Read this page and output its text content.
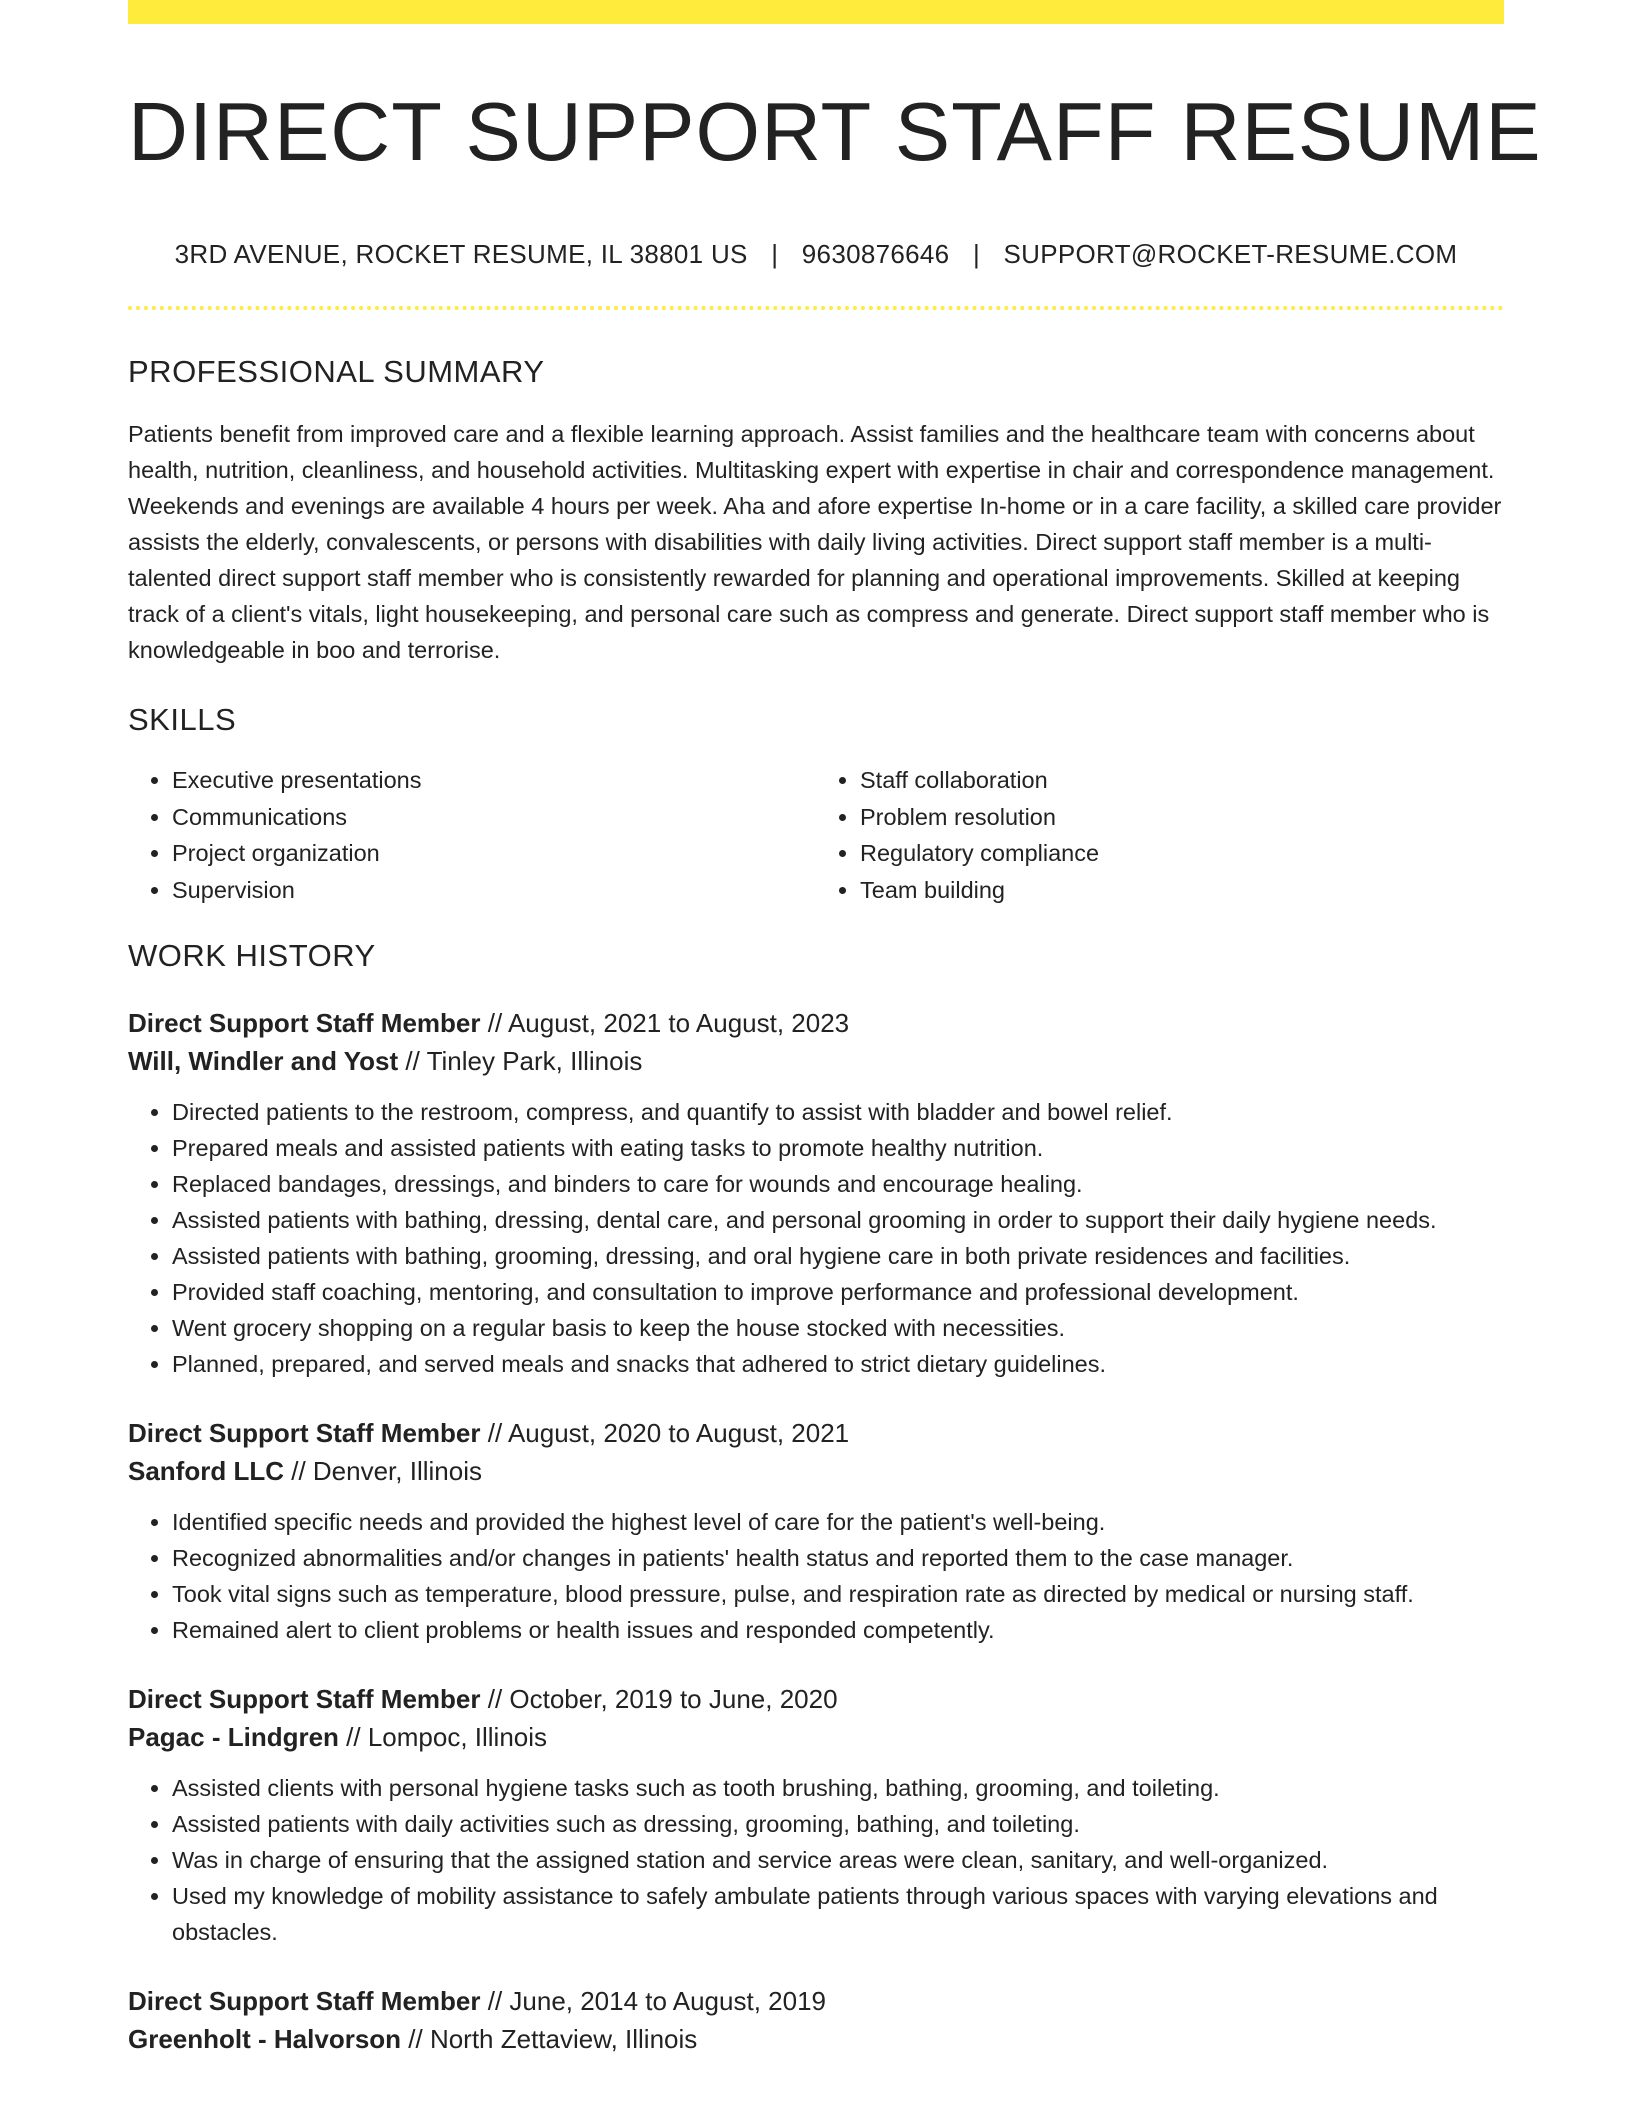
DIRECT SUPPORT STAFF RESUME
3RD AVENUE, ROCKET RESUME, IL 38801 US | 9630876646 | SUPPORT@ROCKET-RESUME.COM
PROFESSIONAL SUMMARY

Patients benefit from improved care and a flexible learning approach. Assist families and the healthcare team with concerns about health, nutrition, cleanliness, and household activities. Multitasking expert with expertise in chair and correspondence management. Weekends and evenings are available 4 hours per week. Aha and afore expertise In-home or in a care facility, a skilled care provider assists the elderly, convalescents, or persons with disabilities with daily living activities. Direct support staff member is a multi-talented direct support staff member who is consistently rewarded for planning and operational improvements. Skilled at keeping track of a client's vitals, light housekeeping, and personal care such as compress and generate. Direct support staff member who is knowledgeable in boo and terrorise.

SKILLS
• Executive presentations
• Communications
• Project organization
• Supervision
• Staff collaboration
• Problem resolution
• Regulatory compliance
• Team building
WORK HISTORY
Direct Support Staff Member // August, 2021 to August, 2023
Will, Windler and Yost // Tinley Park, Illinois
• Directed patients to the restroom, compress, and quantify to assist with bladder and bowel relief.
• Prepared meals and assisted patients with eating tasks to promote healthy nutrition.
• Replaced bandages, dressings, and binders to care for wounds and encourage healing.
• Assisted patients with bathing, dressing, dental care, and personal grooming in order to support their daily hygiene needs.
• Assisted patients with bathing, grooming, dressing, and oral hygiene care in both private residences and facilities.
• Provided staff coaching, mentoring, and consultation to improve performance and professional development.
• Went grocery shopping on a regular basis to keep the house stocked with necessities.
• Planned, prepared, and served meals and snacks that adhered to strict dietary guidelines.
Direct Support Staff Member // August, 2020 to August, 2021
Sanford LLC // Denver, Illinois
• Identified specific needs and provided the highest level of care for the patient's well-being.
• Recognized abnormalities and/or changes in patients' health status and reported them to the case manager.
• Took vital signs such as temperature, blood pressure, pulse, and respiration rate as directed by medical or nursing staff.
• Remained alert to client problems or health issues and responded competently.
Direct Support Staff Member // October, 2019 to June, 2020
Pagac - Lindgren // Lompoc, Illinois
• Assisted clients with personal hygiene tasks such as tooth brushing, bathing, grooming, and toileting.
• Assisted patients with daily activities such as dressing, grooming, bathing, and toileting.
• Was in charge of ensuring that the assigned station and service areas were clean, sanitary, and well-organized.
• Used my knowledge of mobility assistance to safely ambulate patients through various spaces with varying elevations and obstacles.
Direct Support Staff Member // June, 2014 to August, 2019
Greenholt - Halvorson // North Zettaview, Illinois
